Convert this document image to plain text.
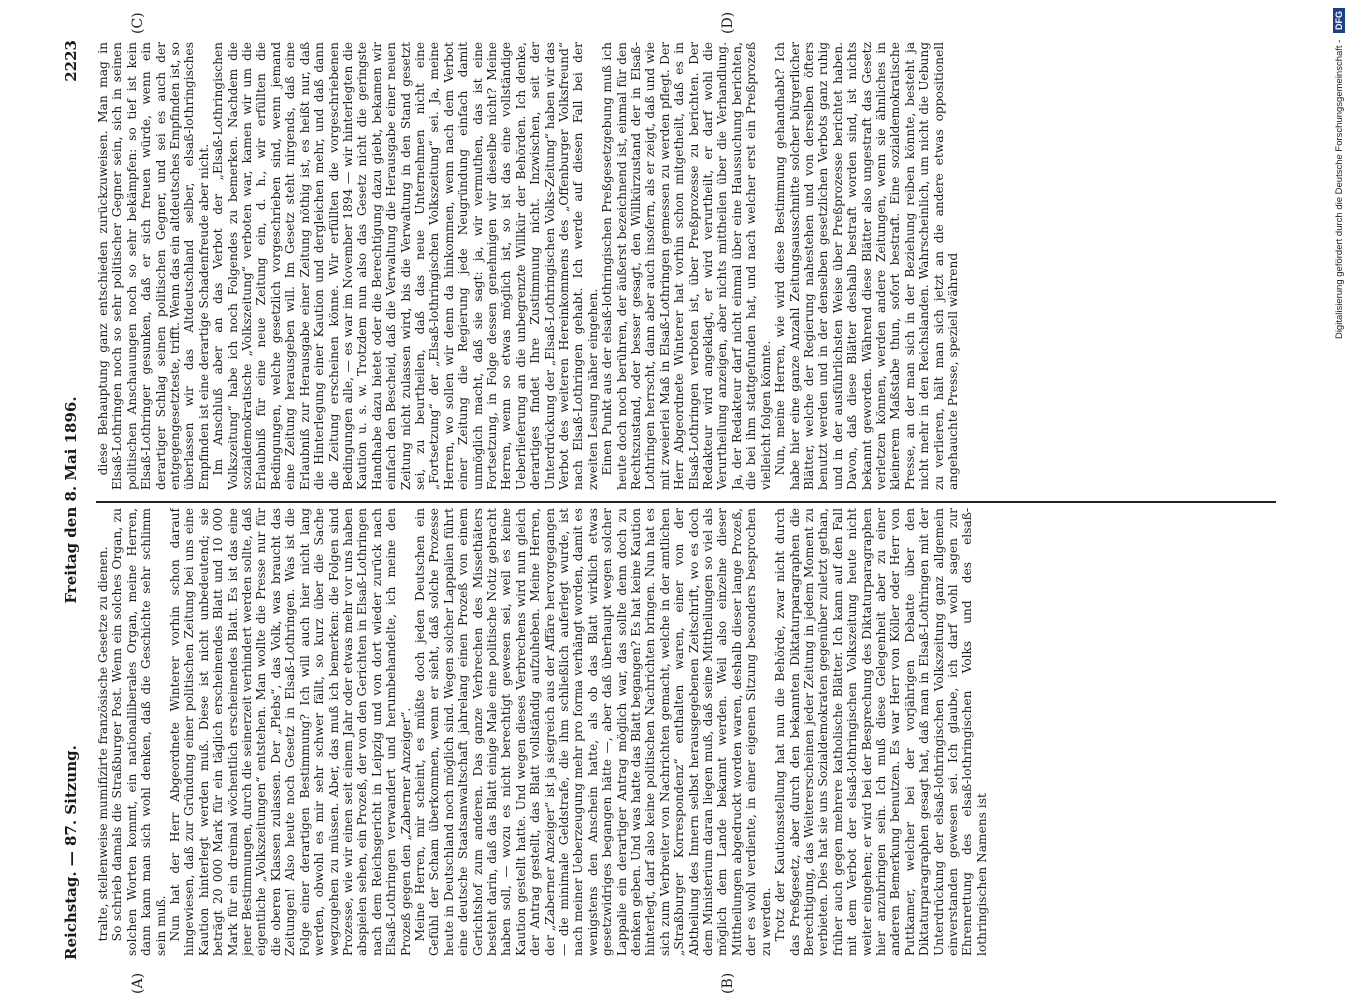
Reichstag. — 87. Sitzung.
Freitag den 8. Mai 1896.
2223
(A)	(B)
(C)	(D)

tralte, stellenweise mumifizirte französische Gesetze zu dienen. So schrieb damals die Straßburger Post. Wenn ein solches Organ, zu solchen Worten kommt, ein nationalliberales Organ, meine Herren, dann kann man sich wohl denken, daß die Geschichte sehr schlimm sein muß. Nun hat der Herr Abgeordnete Winterer vorhin schon darauf hingewiesen, daß zur Gründung einer politischen Zeitung bei uns eine Kaution hinterlegt werden muß. Diese ist nicht unbedeutend; sie beträgt 20 000 Mark für ein täglich erscheinendes Blatt und 10 000 Mark für ein dreimal wöchentlich erscheinendes Blatt. Es ist das eine jener Bestimmungen, durch die seinerzeit verhindert werden sollte, daß eigentliche „Volkszeitungen“ entstehen. Man wollte die Presse nur für die oberen Klassen zulassen. Der „Plebs“, das Volk, was braucht das Zeitungen! Also heute noch Gesetz in Elsaß-Lothringen. Was ist die Folge einer derartigen Bestimmung? Ich will auch hier nicht lang werden, obwohl es mir sehr schwer fällt, so kurz über die Sache wegzugehen zu müssen. Aber, das muß ich bemerken: die Folgen sind Prozesse, wie wir einen seit einem Jahr oder etwas mehr vor uns haben abspielen sehen, ein Prozeß, der von den Gerichten in Elsaß-Lothringen nach dem Reichsgericht in Leipzig und von dort wieder zurück nach Elsaß-Lothringen verwandert und herumbehandelte, ich meine den Prozeß gegen den „Zaberner Anzeiger“. Meine Herren, mir scheint, es müßte doch jeden Deutschen ein Gefühl der Scham überkommen, wenn er sieht, daß solche Prozesse heute in Deutschland noch möglich sind. Wegen solcher Lappalien führt eine deutsche Staatsanwaltschaft jahrelang einen Prozeß von einem Gerichtshof zum anderen. Das ganze Verbrechen des Missethäters besteht darin, daß das Blatt einige Male eine politische Notiz gebracht haben soll, — wozu es nicht berechtigt gewesen sei, weil es keine Kaution gestellt hatte. Und wegen dieses Verbrechens wird nun gleich der Antrag gestellt, das Blatt vollständig aufzuheben. Meine Herren, der „Zaberner Anzeiger“ ist ja siegreich aus der Affäre hervorgegangen — die minimale Geldstrafe, die ihm schließlich auferlegt wurde, ist nach meiner Ueberzeugung mehr pro forma verhängt worden, damit es wenigstens den Anschein hatte, als ob das Blatt wirklich etwas gesetzwidriges begangen hätte —, aber daß überhaupt wegen solcher Lappalie ein derartiger Antrag möglich war, das sollte denn doch zu denken geben. Und was hatte das Blatt begangen? Es hat keine Kaution hinterlegt, darf also keine politischen Nachrichten bringen. Nun hat es sich zum Verbreiter von Nachrichten gemacht, welche in der amtlichen „Straßburger Korrespondenz“ enthalten waren, einer von der Abtheilung des Innern selbst herausgegebenen Zeitschrift, wo es doch dem Ministerium daran liegen muß, daß seine Mittheilungen so viel als möglich dem Lande bekannt werden. Weil also einzelne dieser Mittheilungen abgedruckt worden waren, deshalb dieser lange Prozeß, der es wohl verdiente, in einer eigenen Sitzung besonders besprochen zu werden. Trotz der Kautionsstellung hat nun die Behörde, zwar nicht durch das Preßgesetz, aber durch den bekannten Diktaturparagraphen die Berechtigung, das Weitererscheinen jeder Zeitung in jedem Moment zu verbieten. Dies hat sie uns Sozialdemokraten gegenüber zuletzt gethan, früher auch gegen mehrere katholische Blätter. Ich kann auf den Fall mit dem Verbot der elsaß-lothringischen Volkszeitung heute nicht weiter eingehen; er wird bei der Besprechung des Diktaturparagraphen hier anzubringen sein. Ich muß diese Gelegenheit aber zu einer anderen Bemerkung benutzen. Es war Herr von Köller oder Herr von Puttkamer, welcher bei der vorjährigen Debatte über den Diktaturparagraphen gesagt hat, daß man in Elsaß-Lothringen mit der Unterdrückung der elsaß-lothringischen Volkszeitung ganz allgemein einverstanden gewesen sei. Ich glaube, ich darf wohl sagen zur Ehrenrettung des elsaß-lothringischen Volks und des elsaß-lothringischen Namens ist

diese Behauptung ganz entschieden zurückzuweisen. Man mag in Elsaß-Lothringen noch so sehr politischer Gegner sein, sich in seinen politischen Anschauungen noch so sehr bekämpfen: so tief ist kein Elsaß-Lothringer gesunken, daß er sich freuen würde, wenn ein derartiger Schlag seinen politischen Gegner, und sei es auch der entgegengesetzteste, trifft. Wenn das ein altdeutsches Empfinden ist, so überlassen wir das Altdeutschland selber, elsaß-lothringisches Empfinden ist eine derartige Schadenfreude aber nicht. Im Anschluß aber an das Verbot der „Elsaß-Lothringischen Volkszeitung“ habe ich noch Folgendes zu bemerken. Nachdem die sozialdemokratische „Volkszeitung“ verboten war, kamen wir um die Erlaubniß für eine neue Zeitung ein, d. h., wir erfüllten die Bedingungen, welche gesetzlich vorgeschrieben sind, wenn jemand eine Zeitung herausgeben will. Im Gesetz steht nirgends, daß eine Erlaubniß zur Herausgabe einer Zeitung nöthig ist, es heißt nur, daß die Hinterlegung einer Kaution und dergleichen mehr, und daß dann die Zeitung erscheinen könne. Wir erfüllten die vorgeschriebenen Bedingungen alle, — es war im November 1894 — wir hinterlegten die Kaution u. s. w. Trotzdem nun also das Gesetz nicht die geringste Handhabe dazu bietet oder die Berechtigung dazu giebt, bekamen wir einfach den Bescheid, daß die Verwaltung die Herausgabe einer neuen Zeitung nicht zulassen wird, bis die Verwaltung in den Stand gesetzt sei, zu beurtheilen, daß das neue Unternehmen nicht eine „Fortsetzung“ der „Elsaß-lothringischen Volkszeitung“ sei. Ja, meine Herren, wo sollen wir denn da hinkommen, wenn nach dem Verbot einer Zeitung die Regierung jede Neugründung einfach damit unmöglich macht, daß sie sagt: ja, wir vermuthen, das ist eine Fortsetzung, in Folge dessen genehmigen wir dieselbe nicht? Meine Herren, wenn so etwas möglich ist, so ist das eine vollständige Ueberlieferung an die unbegrenzte Willkür der Behörden. Ich denke, derartiges findet Ihre Zustimmung nicht. Inzwischen, seit der Unterdrückung der „Elsaß-Lothringischen Volks-Zeitung“ haben wir das Verbot des weiteren Hereinkommens des „Offenburger Volksfreund“ nach Elsaß-Lothringen gehabt. Ich werde auf diesen Fall bei der zweiten Lesung näher eingehen. Einen Punkt aus der elsaß-lothringischen Preßgesetzgebung muß ich heute doch noch berühren, der äußerst bezeichnend ist, einmal für den Rechtszustand, oder besser gesagt, den Willkürzustand der in Elsaß-Lothringen herrscht, dann aber auch insofern, als er zeigt, daß und wie mit zweierlei Maß in Elsaß-Lothringen gemessen zu werden pflegt. Der Herr Abgeordnete Winterer hat vorhin schon mitgetheilt, daß es in Elsaß-Lothringen verboten ist, über Preßprozesse zu berichten. Der Redakteur wird angeklagt, er wird verurtheilt, er darf wohl die Verurtheilung anzeigen, aber nichts mittheilen über die Verhandlung. Ja, der Redakteur darf nicht einmal über eine Haussuchung berichten, die bei ihm stattgefunden hat, und nach welcher erst ein Preßprozeß vielleicht folgen könnte. Nun, meine Herren, wie wird diese Bestimmung gehandhabt? Ich habe hier eine ganze Anzahl Zeitungsausschnitte solcher bürgerlicher Blätter, welche der Regierung nahestehen und von derselben öfters benutzt werden und in der denselben gesetzlichen Verbots ganz ruhig und in der ausführlichsten Weise über Preßprozesse berichtet haben. Davon, daß diese Blätter deshalb bestraft worden sind, ist nichts bekannt geworden. Während diese Blätter also ungestraft das Gesetz verletzen können, werden andere Zeitungen, wenn sie ähnliches in kleinerem Maßstabe thun, sofort bestraft. Eine sozialdemokratische Presse, an der man sich in der Beziehung reiben könnte, besteht ja nicht mehr in den Reichslanden. Wahrscheinlich, um nicht die Uebung zu verlieren, hält man sich jetzt an die andere etwas oppositionell angehauchte Presse, speziell während

Digitalisierung gefördert durch die Deutsche Forschungsgemeinschaft - DFG
